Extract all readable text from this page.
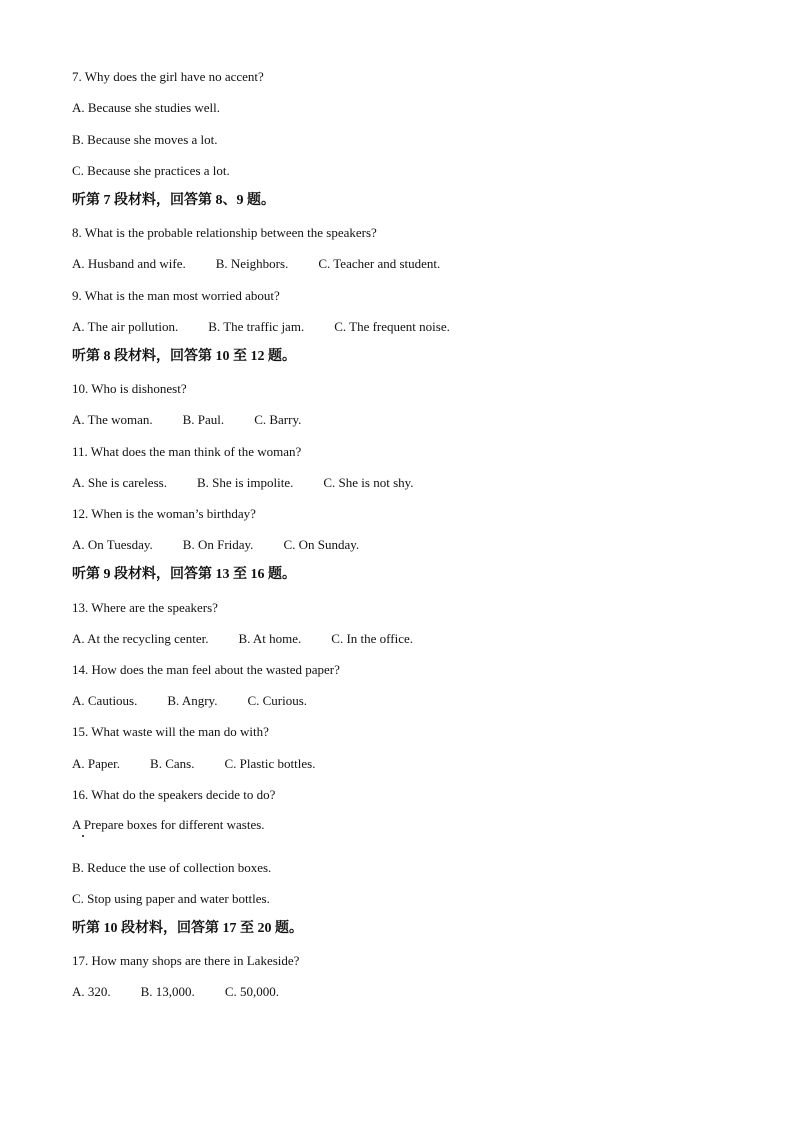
7. Why does the girl have no accent?
A. Because she studies well.
B. Because she moves a lot.
C. Because she practices a lot.
听第 7 段材料，回答第 8、9 题。
8. What is the probable relationship between the speakers?
A. Husband and wife. B. Neighbors. C. Teacher and student.
9. What is the man most worried about?
A. The air pollution. B. The traffic jam. C. The frequent noise.
听第 8 段材料，回答第 10 至 12 题。
10. Who is dishonest?
A. The woman. B. Paul. C. Barry.
11. What does the man think of the woman?
A. She is careless. B. She is impolite. C. She is not shy.
12. When is the woman’s birthday?
A. On Tuesday. B. On Friday. C. On Sunday.
听第 9 段材料，回答第 13 至 16 题。
13. Where are the speakers?
A. At the recycling center. B. At home. C. In the office.
14. How does the man feel about the wasted paper?
A. Cautious. B. Angry. C. Curious.
15. What waste will the man do with?
A. Paper. B. Cans. C. Plastic bottles.
16. What do the speakers decide to do?
A Prepare boxes for different wastes.
B. Reduce the use of collection boxes.
C. Stop using paper and water bottles.
听第 10 段材料，回答第 17 至 20 题。
17. How many shops are there in Lakeside?
A. 320. B. 13,000. C. 50,000.
